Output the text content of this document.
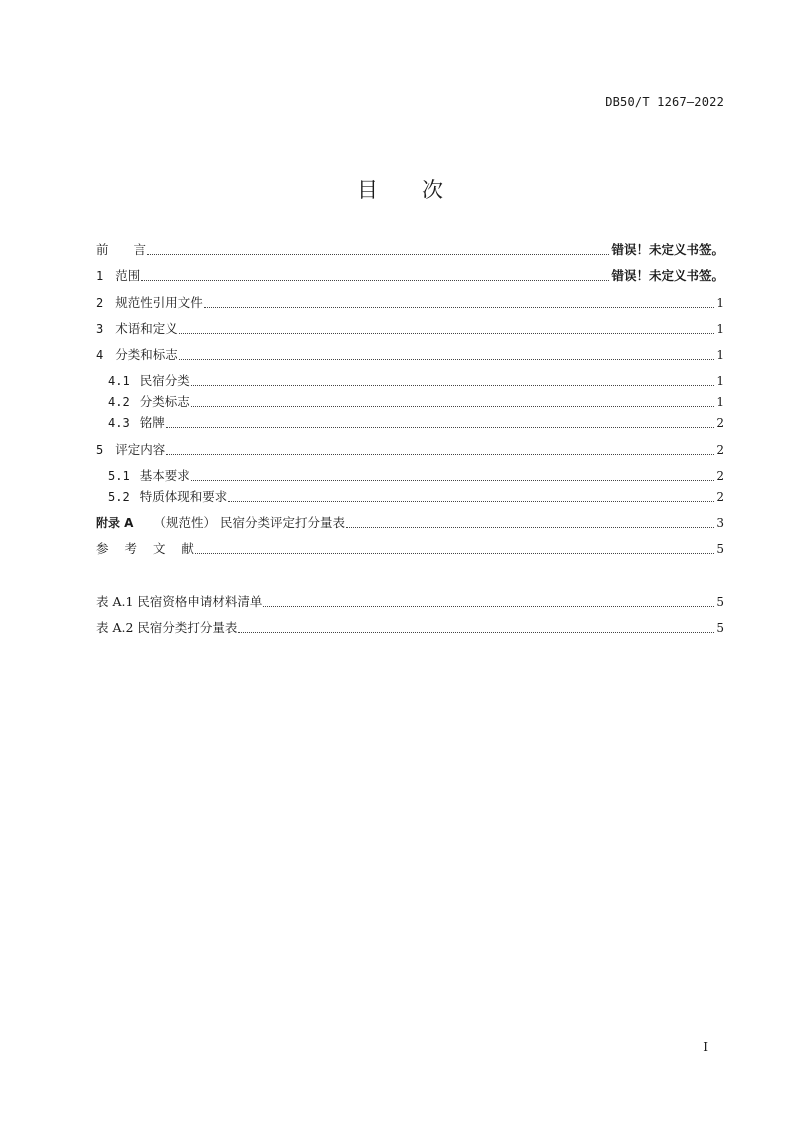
DB50/T 1267—2022
目 次
前　　言	错误！未定义书签。
1 范围	错误！未定义书签。
2 规范性引用文件	1
3 术语和定义	1
4 分类和标志	1
4.1 民宿分类	1
4.2 分类标志	1
4.3 铭牌	2
5 评定内容	2
5.1 基本要求	2
5.2 特质体现和要求	2
附录 A （规范性） 民宿分类评定打分量表	3
参 考 文 献	5
表 A.1 民宿资格申请材料清单	5
表 A.2 民宿分类打分量表	5
I
